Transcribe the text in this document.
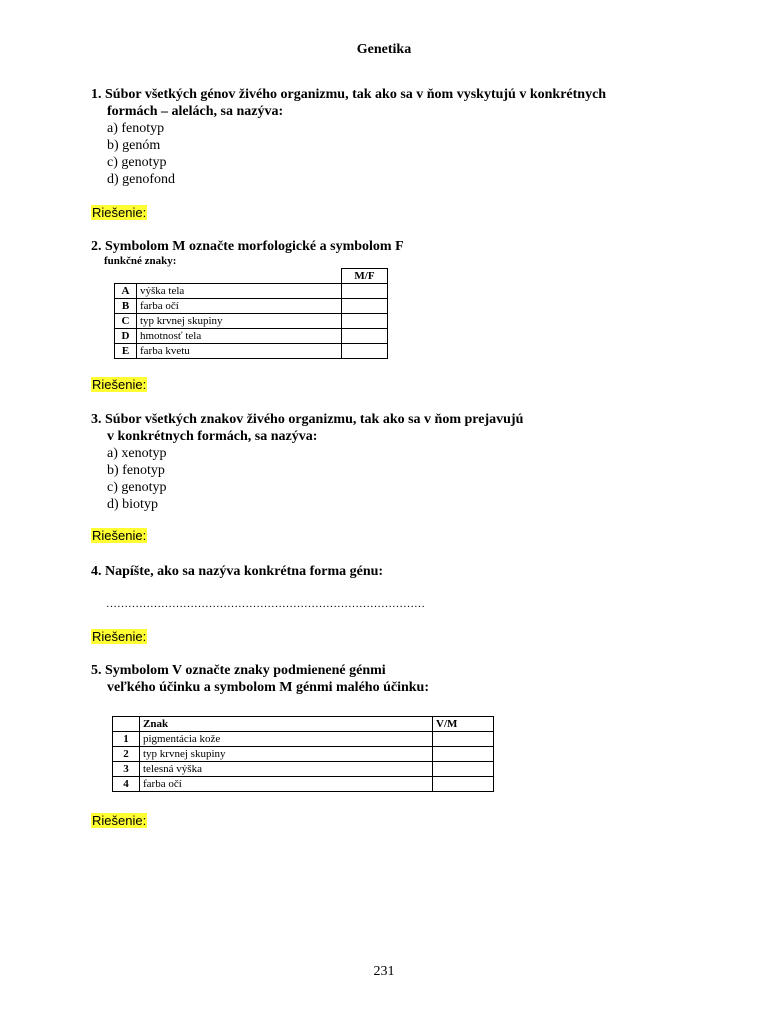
Genetika
1. Súbor všetkých génov živého organizmu, tak ako sa v ňom vyskytujú v konkrétnych
formách – alelách, sa nazýva:
a) fenotyp
b) genóm
c) genotyp
d) genofond
Riešenie:
2. Symbolom M označte morfologické a symbolom F
funkčné znaky:
		M/F
A	výška tela	
B	farba očí	
C	typ krvnej skupiny	
D	hmotnosť tela	
E	farba kvetu	
Riešenie:
3. Súbor všetkých znakov živého organizmu, tak ako sa v ňom prejavujú
v konkrétnych formách, sa nazýva:
a) xenotyp
b) fenotyp
c) genotyp
d) biotyp
Riešenie:
4. Napíšte, ako sa nazýva konkrétna forma génu:
……………………………………………………………………………
Riešenie:
5. Symbolom V označte znaky podmienené génmi
veľkého účinku a symbolom M génmi malého účinku:
	Znak	V/M
1	pigmentácia kože	
2	typ krvnej skupiny	
3	telesná výška	
4	farba očí	
Riešenie:
231
